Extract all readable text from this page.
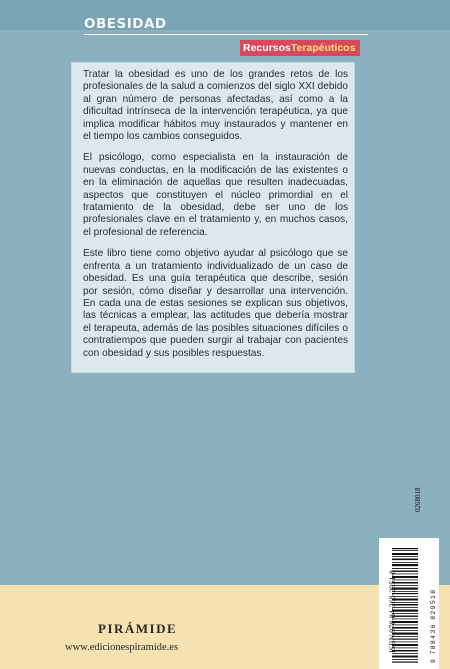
OBESIDAD
Recursos Terapéuticos

Tratar la obesidad es uno de los grandes retos de los profesionales de la salud a comienzos del siglo XXI debido al gran número de personas afectadas, así como a la dificultad intrínseca de la intervención terapéutica, ya que implica modificar hábitos muy instaurados y mantener en el tiempo los cambios conseguidos.

El psicólogo, como especialista en la instauración de nuevas conductas, en la modificación de las existentes o en la eliminación de aquellas que resulten inadecuadas, aspectos que constituyen el núcleo primordial en el tratamiento de la obesidad, debe ser uno de los profesionales clave en el tratamiento y, en muchos casos, el profesional de referencia.

Este libro tiene como objetivo ayudar al psicólogo que se enfrenta a un tratamiento individualizado de un caso de obesidad. Es una guía terapéutica que describe, sesión por sesión, cómo diseñar y desarrollar una intervención. En cada una de estas sesiones se explican sus objetivos, las técnicas a emplear, las actitudes que debería mostrar el terapeuta, además de las posibles situaciones difíciles o contratiempos que pueden surgir al trabajar con pacientes con obesidad y sus posibles respuestas.

PIRÁMIDE
www.edicionespiramide.es	ISBN 978-84-368-2951-8
0268018
9 788436 829518
